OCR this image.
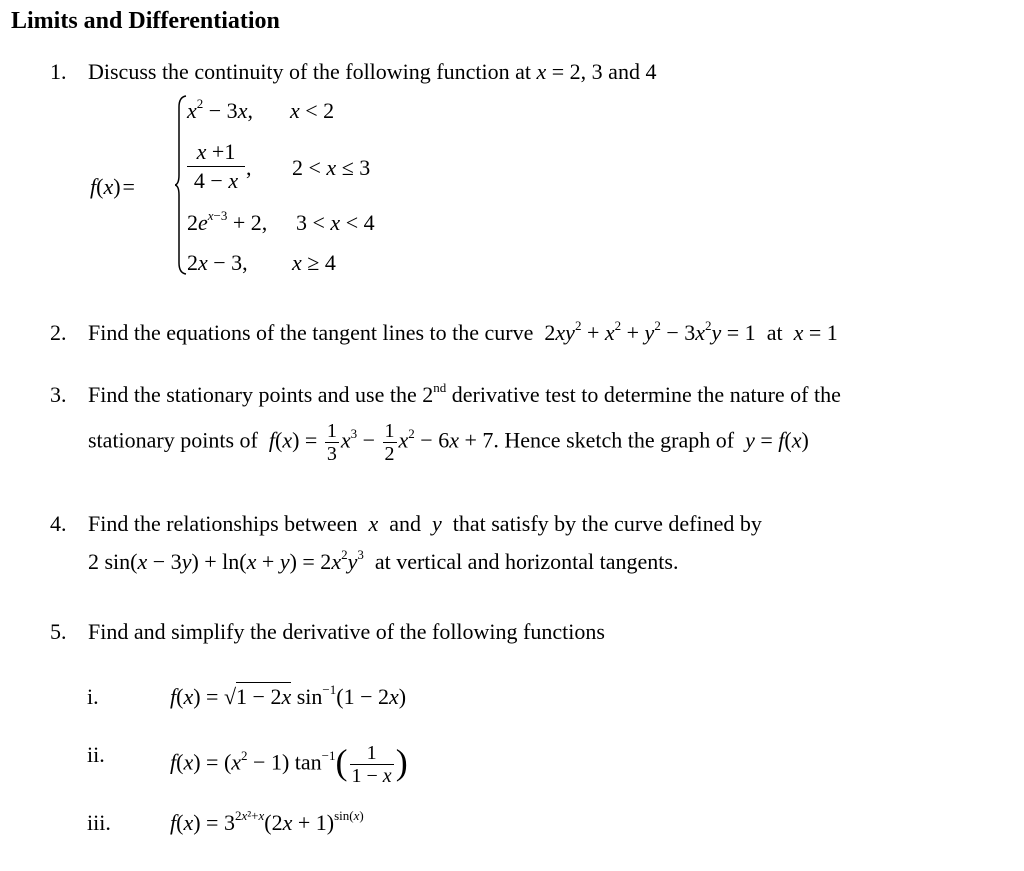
Limits and Differentiation
1. Discuss the continuity of the following function at x = 2, 3 and 4
f(x)=
$x^2 - 3x$, x < 2
$\frac{x +1}{4 - x}$ , 2 < x ≤ 3
$2e^{x-3} + 2$, 3 < x < 4
2x − 3, x ≥ 4
2. Find the equations of the tangent lines to the curve  $2xy^2 + x^2 + y^2 - 3x^2y = 1$  at x = 1
3. Find the stationary points and use the 2nd derivative test to determine the nature of the
stationary points of $f(x) = \frac{1}{3} x^3 - \frac{1}{2} x^2 - 6x + 7$. Hence sketch the graph of y = f(x)
4. Find the relationships between x and y that satisfy by the curve defined by
2 $\sin(x - 3y) + \ln(x + y) = 2x^2y^3$ at vertical and horizontal tangents.
5. Find and simplify the derivative of the following functions
i.	f(x) = √1 − 2x $\sin^{-1}(1 - 2x)$
ii.	$f(x) = (x^2 - 1)$ $\tan^{-1}( \frac{1}{1 - x}$ )
iii.	$f(x) = 3^{2x^2+x}(2x + 1)^{sin(x)}$
